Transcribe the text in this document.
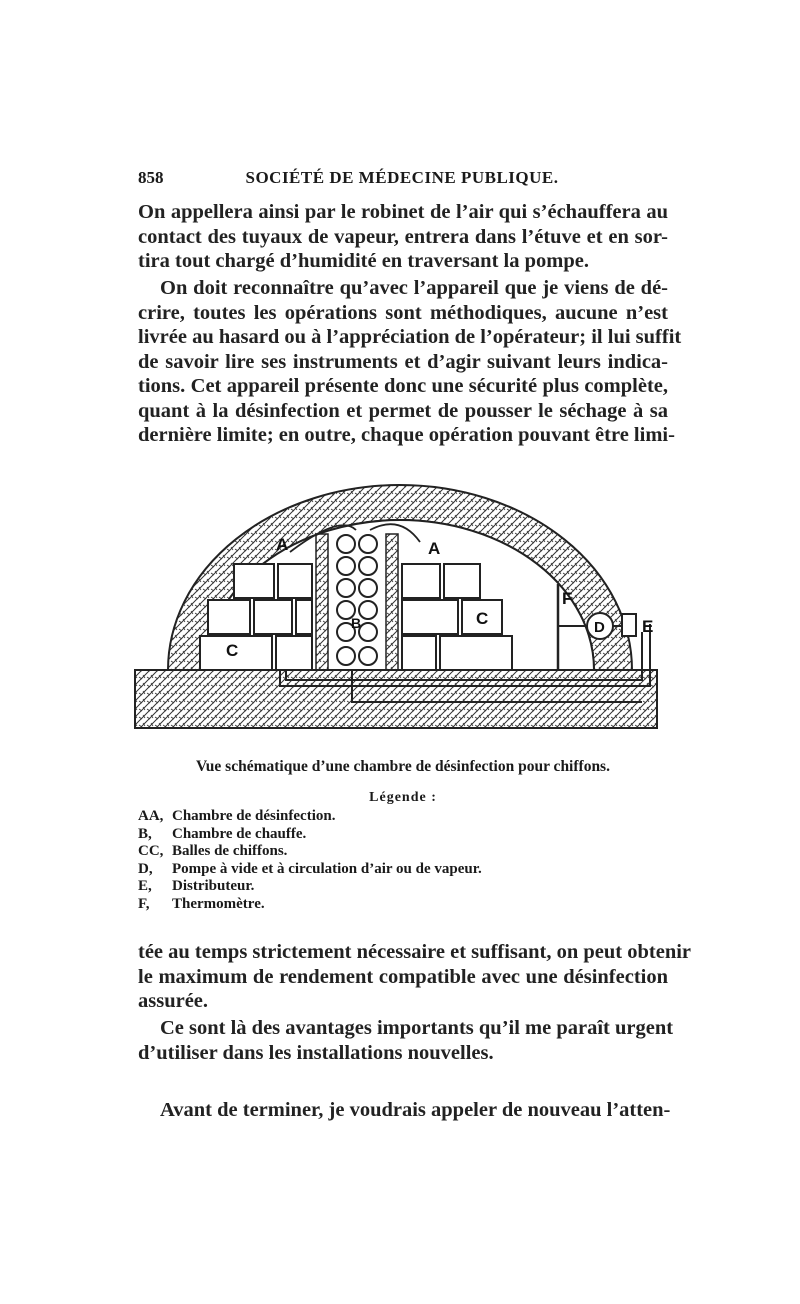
858	SOCIÉTÉ DE MÉDECINE PUBLIQUE.
On appellera ainsi par le robinet de l’air qui s’échauffera au
contact des tuyaux de vapeur, entrera dans l’étuve et en sor-
tira tout chargé d’humidité en traversant la pompe.
On doit reconnaître qu’avec l’appareil que je viens de dé-
crire, toutes les opérations sont méthodiques, aucune n’est
livrée au hasard ou à l’appréciation de l’opérateur; il lui suffit
de savoir lire ses instruments et d’agir suivant leurs indica-
tions. Cet appareil présente donc une sécurité plus complète,
quant à la désinfection et permet de pousser le séchage à sa
dernière limite; en outre, chaque opération pouvant être limi-
A	A
B
C
C	D E
F
Vue schématique d’une chambre de désinfection pour chiffons.
Légende :
AA, Chambre de désinfection.
B,	Chambre de chauffe.
CC, Balles de chiffons.
D,	Pompe à vide et à circulation d’air ou de vapeur.
E,	Distributeur.
F,	Thermomètre.
tée au temps strictement nécessaire et suffisant, on peut obtenir
le maximum de rendement compatible avec une désinfection
assurée.
Ce sont là des avantages importants qu’il me paraît urgent
d’utiliser dans les installations nouvelles.
Avant de terminer, je voudrais appeler de nouveau l’atten-
